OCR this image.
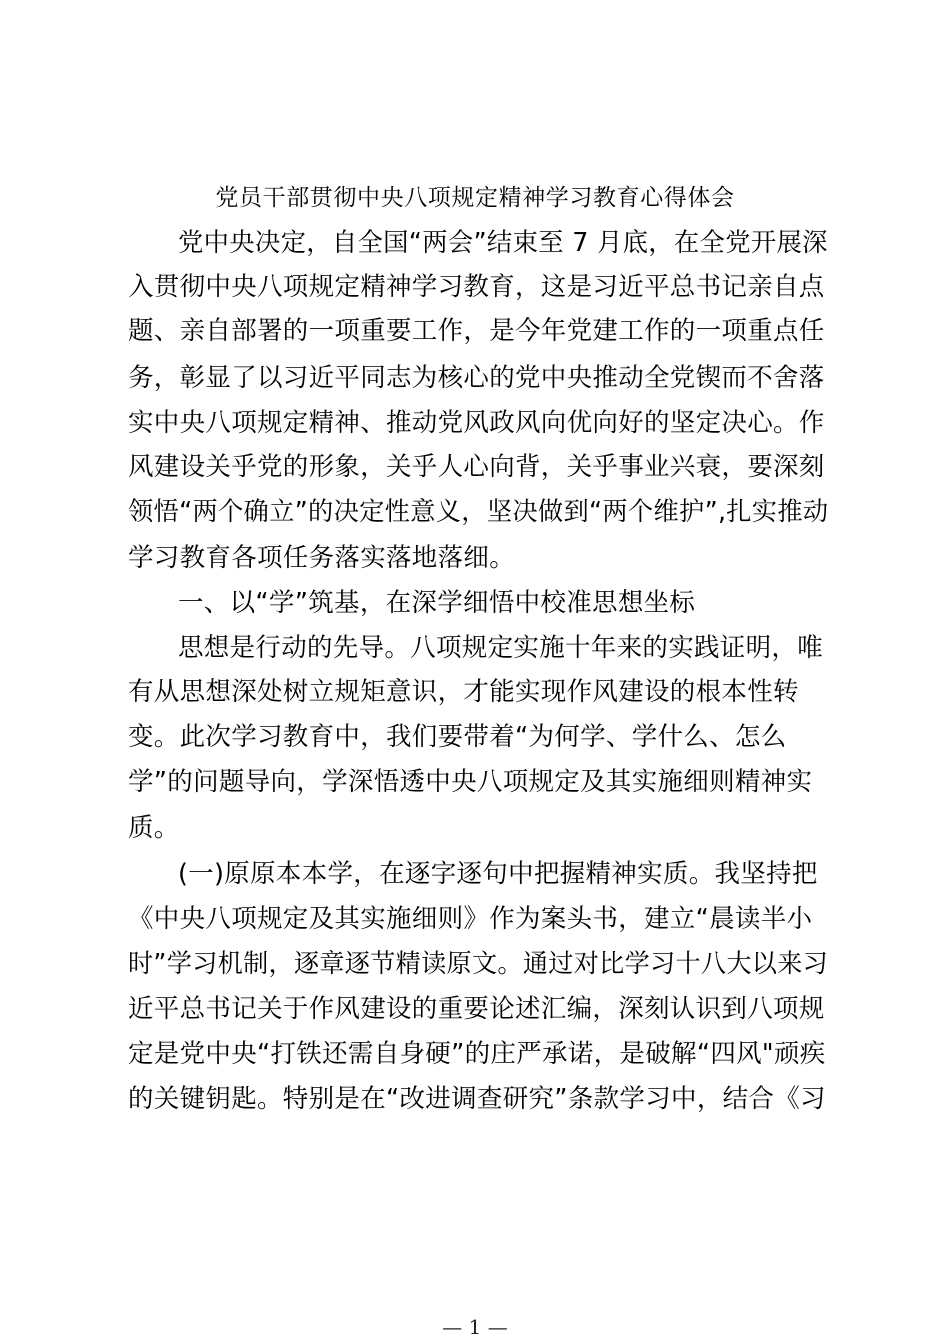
党员干部贯彻中央八项规定精神学习教育心得体会
党中央决定，自全国“两会”结束至 7 月底，在全党开展深
入贯彻中央八项规定精神学习教育，这是习近平总书记亲自点
题、亲自部署的一项重要工作，是今年党建工作的一项重点任
务，彰显了以习近平同志为核心的党中央推动全党锲而不舍落
实中央八项规定精神、推动党风政风向优向好的坚定决心。作
风建设关乎党的形象，关乎人心向背，关乎事业兴衰，要深刻
领悟“两个确立”的决定性意义，坚决做到“两个维护”,扎实推动
学习教育各项任务落实落地落细。
一、以“学”筑基，在深学细悟中校准思想坐标
思想是行动的先导。八项规定实施十年来的实践证明，唯
有从思想深处树立规矩意识，才能实现作风建设的根本性转
变。此次学习教育中，我们要带着“为何学、学什么、怎么
学”的问题导向，学深悟透中央八项规定及其实施细则精神实
质。
(一)原原本本学，在逐字逐句中把握精神实质。我坚持把
《中央八项规定及其实施细则》作为案头书，建立“晨读半小
时”学习机制，逐章逐节精读原文。通过对比学习十八大以来习
近平总书记关于作风建设的重要论述汇编，深刻认识到八项规
定是党中央“打铁还需自身硬”的庄严承诺，是破解“四风"顽疾
的关键钥匙。特别是在“改进调查研究”条款学习中，结合《习
— 1 —
